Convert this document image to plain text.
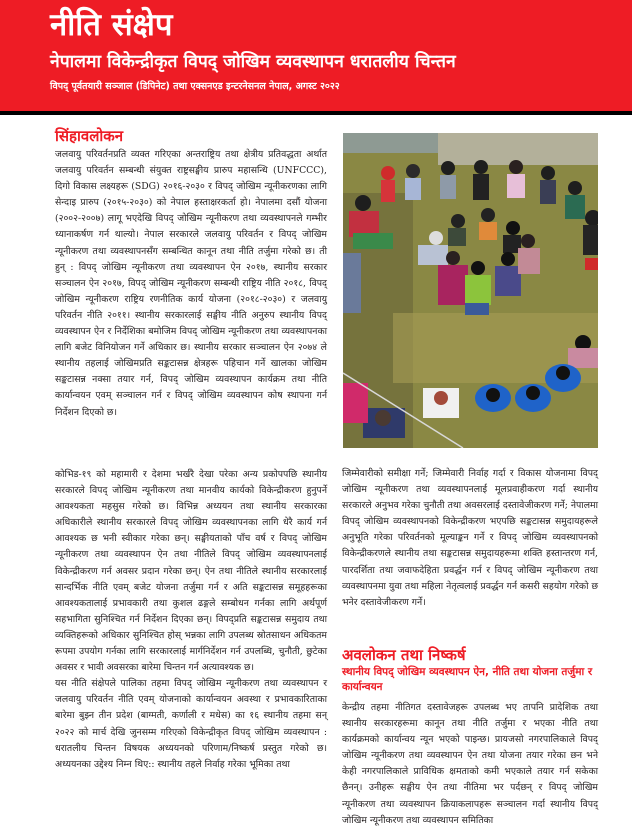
नीति संक्षेप
नेपालमा विकेन्द्रीकृत विपद् जोखिम व्यवस्थापन धरातलीय चिन्तन
विपद् पूर्वतयारी सञ्जाल (डिपिनेट) तथा एक्सनएड इन्टरनेसनल नेपाल, अगस्ट २०२२
सिंहावलोकन

जलवायु परिवर्तनप्रति व्यक्त गरिएका अन्तराष्ट्रिय तथा क्षेत्रीय प्रतिवद्धता अर्थात जलवायु परिवर्तन सम्बन्धी संयुक्त राष्ट्रसङ्घीय प्रारुप महासन्धि (UNFCCC), दिगो विकास लक्ष्यहरू (SDG) २०१६-२०३० र विपद् जोखिम न्यूनीकरणका लागि सेन्दाइ प्रारुप (२०१५-२०३०) को नेपाल हस्ताक्षरकर्ता हो। नेपालमा दसौं योजना (२००२-२००७) लागू भएदेखि विपद् जोखिम न्यूनीकरण तथा व्यवस्थापनले गम्भीर ध्यानाकर्षण गर्न थाल्यो। नेपाल सरकारले जलवायु परिवर्तन र विपद् जोखिम न्यूनीकरण तथा व्यवस्थापनसँग सम्बन्धित कानून तथा नीति तर्जुमा गरेको छ। ती हुन् : विपद् जोखिम न्यूनीकरण तथा व्यवस्थापन ऐन २०१७, स्थानीय सरकार सञ्चालन ऐन २०१७, विपद् जोखिम न्यूनीकरण सम्बन्धी राष्ट्रिय नीति २०१८, विपद् जोखिम न्यूनीकरण राष्ट्रिय रणनीतिक कार्य योजना (२०१८-२०३०) र जलवायु परिवर्तन नीति २०११। स्थानीय सरकारलाई सङ्घीय नीति अनुरुप स्थानीय विपद् व्यवस्थापन ऐन र निर्देशिका बमोजिम विपद् जोखिम न्यूनीकरण तथा व्यवस्थापनका लागि बजेट विनियोजन गर्ने अधिकार छ। स्थानीय सरकार सञ्चालन ऐन २०७४ ले स्थानीय तहलाई जोखिमप्रति सङ्कटासन्न क्षेत्रहरू पहिचान गर्ने खालका जोखिम सङ्कटासन्न नक्सा तयार गर्न, विपद् जोखिम व्यवस्थापन कार्यक्रम तथा नीति कार्यान्वयन एवम् सञ्चालन गर्न र विपद् जोखिम व्यवस्थापन कोष स्थापना गर्न निर्देशन दिएको छ।

कोभिड-१९ को महामारी र देशमा भर्खरै देखा परेका अन्य प्रकोपपछि स्थानीय सरकारले विपद् जोखिम न्यूनीकरण तथा मानवीय कार्यको विकेन्द्रीकरण हुनुपर्ने आवश्यकता महसुस गरेको छ। विभिन्न अध्ययन तथा स्थानीय सरकारका अधिकारीले स्थानीय सरकारले विपद् जोखिम व्यवस्थापनका लागि धेरै कार्य गर्न आवश्यक छ भनी स्वीकार गरेका छन्। सङ्घीयताको पाँच वर्ष र विपद् जोखिम न्यूनीकरण तथा व्यवस्थापन ऐन तथा नीतिले विपद् जोखिम व्यवस्थापनलाई विकेन्द्रीकरण गर्न अवसर प्रदान गरेका छन्। ऐन तथा नीतिले स्थानीय सरकारलाई सान्दर्भिक नीति एवम् बजेट योजना तर्जुमा गर्न र अति सङ्कटासन्न समूहहरूका आवश्यकतालाई प्रभावकारी तथा कुशल ढङ्गले सम्बोधन गर्नका लागि अर्थपूर्ण सहभागिता सुनिश्चित गर्न निर्देशन दिएका छन्। विपद्प्रति सङ्कटासन्न समुदाय तथा व्यक्तिहरूको अधिकार सुनिश्चित होस् भन्नका लागि उपलब्ध स्रोतसाधन अधिकतम रूपमा उपयोग गर्नका लागि सरकारलाई मार्गनिर्देशन गर्न उपलब्धि, चुनौती, छुटेका अवसर र भावी अवसरका बारेमा चिन्तन गर्न अत्यावश्यक छ।

यस नीति संक्षेपले पालिका तहमा विपद् जोखिम न्यूनीकरण तथा व्यवस्थापन र जलवायु परिवर्तन नीति एवम् योजनाको कार्यान्वयन अवस्था र प्रभावकारिताका बारेमा बुझ्न तीन प्रदेश (बाग्मती, कर्णाली र मधेस) का १६ स्थानीय तहमा सन् २०२२ को मार्च देखि जुनसम्म गरिएको विकेन्द्रीकृत विपद् जोखिम व्यवस्थापन : धरातलीय चिन्तन विषयक अध्ययनको परिणाम/निष्कर्ष प्रस्तुत गरेको छ। अध्ययनका उद्देश्य निम्न थिए:: स्थानीय तहले निर्वाह गरेका भूमिका तथा

जिम्मेवारीको समीक्षा गर्ने; जिम्मेवारी निर्वाह गर्दा र विकास योजनामा विपद् जोखिम न्यूनीकरण तथा व्यवस्थापनलाई मूलप्रवाहीकरण गर्दा स्थानीय सरकारले अनुभव गरेका चुनौती तथा अवसरलाई दस्तावेजीकरण गर्ने; नेपालमा विपद् जोखिम व्यवस्थापनको विकेन्द्रीकरण भएपछि सङ्कटासन्न समुदायहरूले अनुभूति गरेका परिवर्तनको मूल्याङ्कन गर्ने र विपद् जोखिम व्यवस्थापनको विकेन्द्रीकरणले स्थानीय तथा सङ्कटासन्न समुदायहरूमा शक्ति हस्तान्तरण गर्न, पारदर्शिता तथा जवाफदेहिता प्रवर्द्धन गर्न र विपद् जोखिम न्यूनीकरण तथा व्यवस्थापनमा युवा तथा महिला नेतृत्वलाई प्रवर्द्धन गर्न कसरी सहयोग गरेको छ भनेर दस्तावेजीकरण गर्ने।

अवलोकन तथा निष्कर्ष
स्थानीय विपद् जोखिम व्यवस्थापन ऐन, नीति तथा योजना तर्जुमा र कार्यान्वयन

केन्द्रीय तहमा नीतिगत दस्तावेजहरू उपलब्ध भए तापनि प्रादेशिक तथा स्थानीय सरकारहरूमा कानून तथा नीति तर्जुमा र भएका नीति तथा कार्यक्रमको कार्यान्वय न्यून भएको पाइन्छ। प्रायजसो नगरपालिकाले विपद् जोखिम न्यूनीकरण तथा व्यवस्थापन ऐन तथा योजना तयार गरेका छन भने केही नगरपालिकाले प्राविधिक क्षमताको कमी भएकाले तयार गर्न सकेका छैनन्। उनीहरू सङ्घीय ऐन तथा नीतिमा भर पर्दछन् र विपद् जोखिम न्यूनीकरण तथा व्यवस्थापन क्रियाकलापहरू सञ्चालन गर्दा स्थानीय विपद् जोखिम न्यूनीकरण तथा व्यवस्थापन समितिका
